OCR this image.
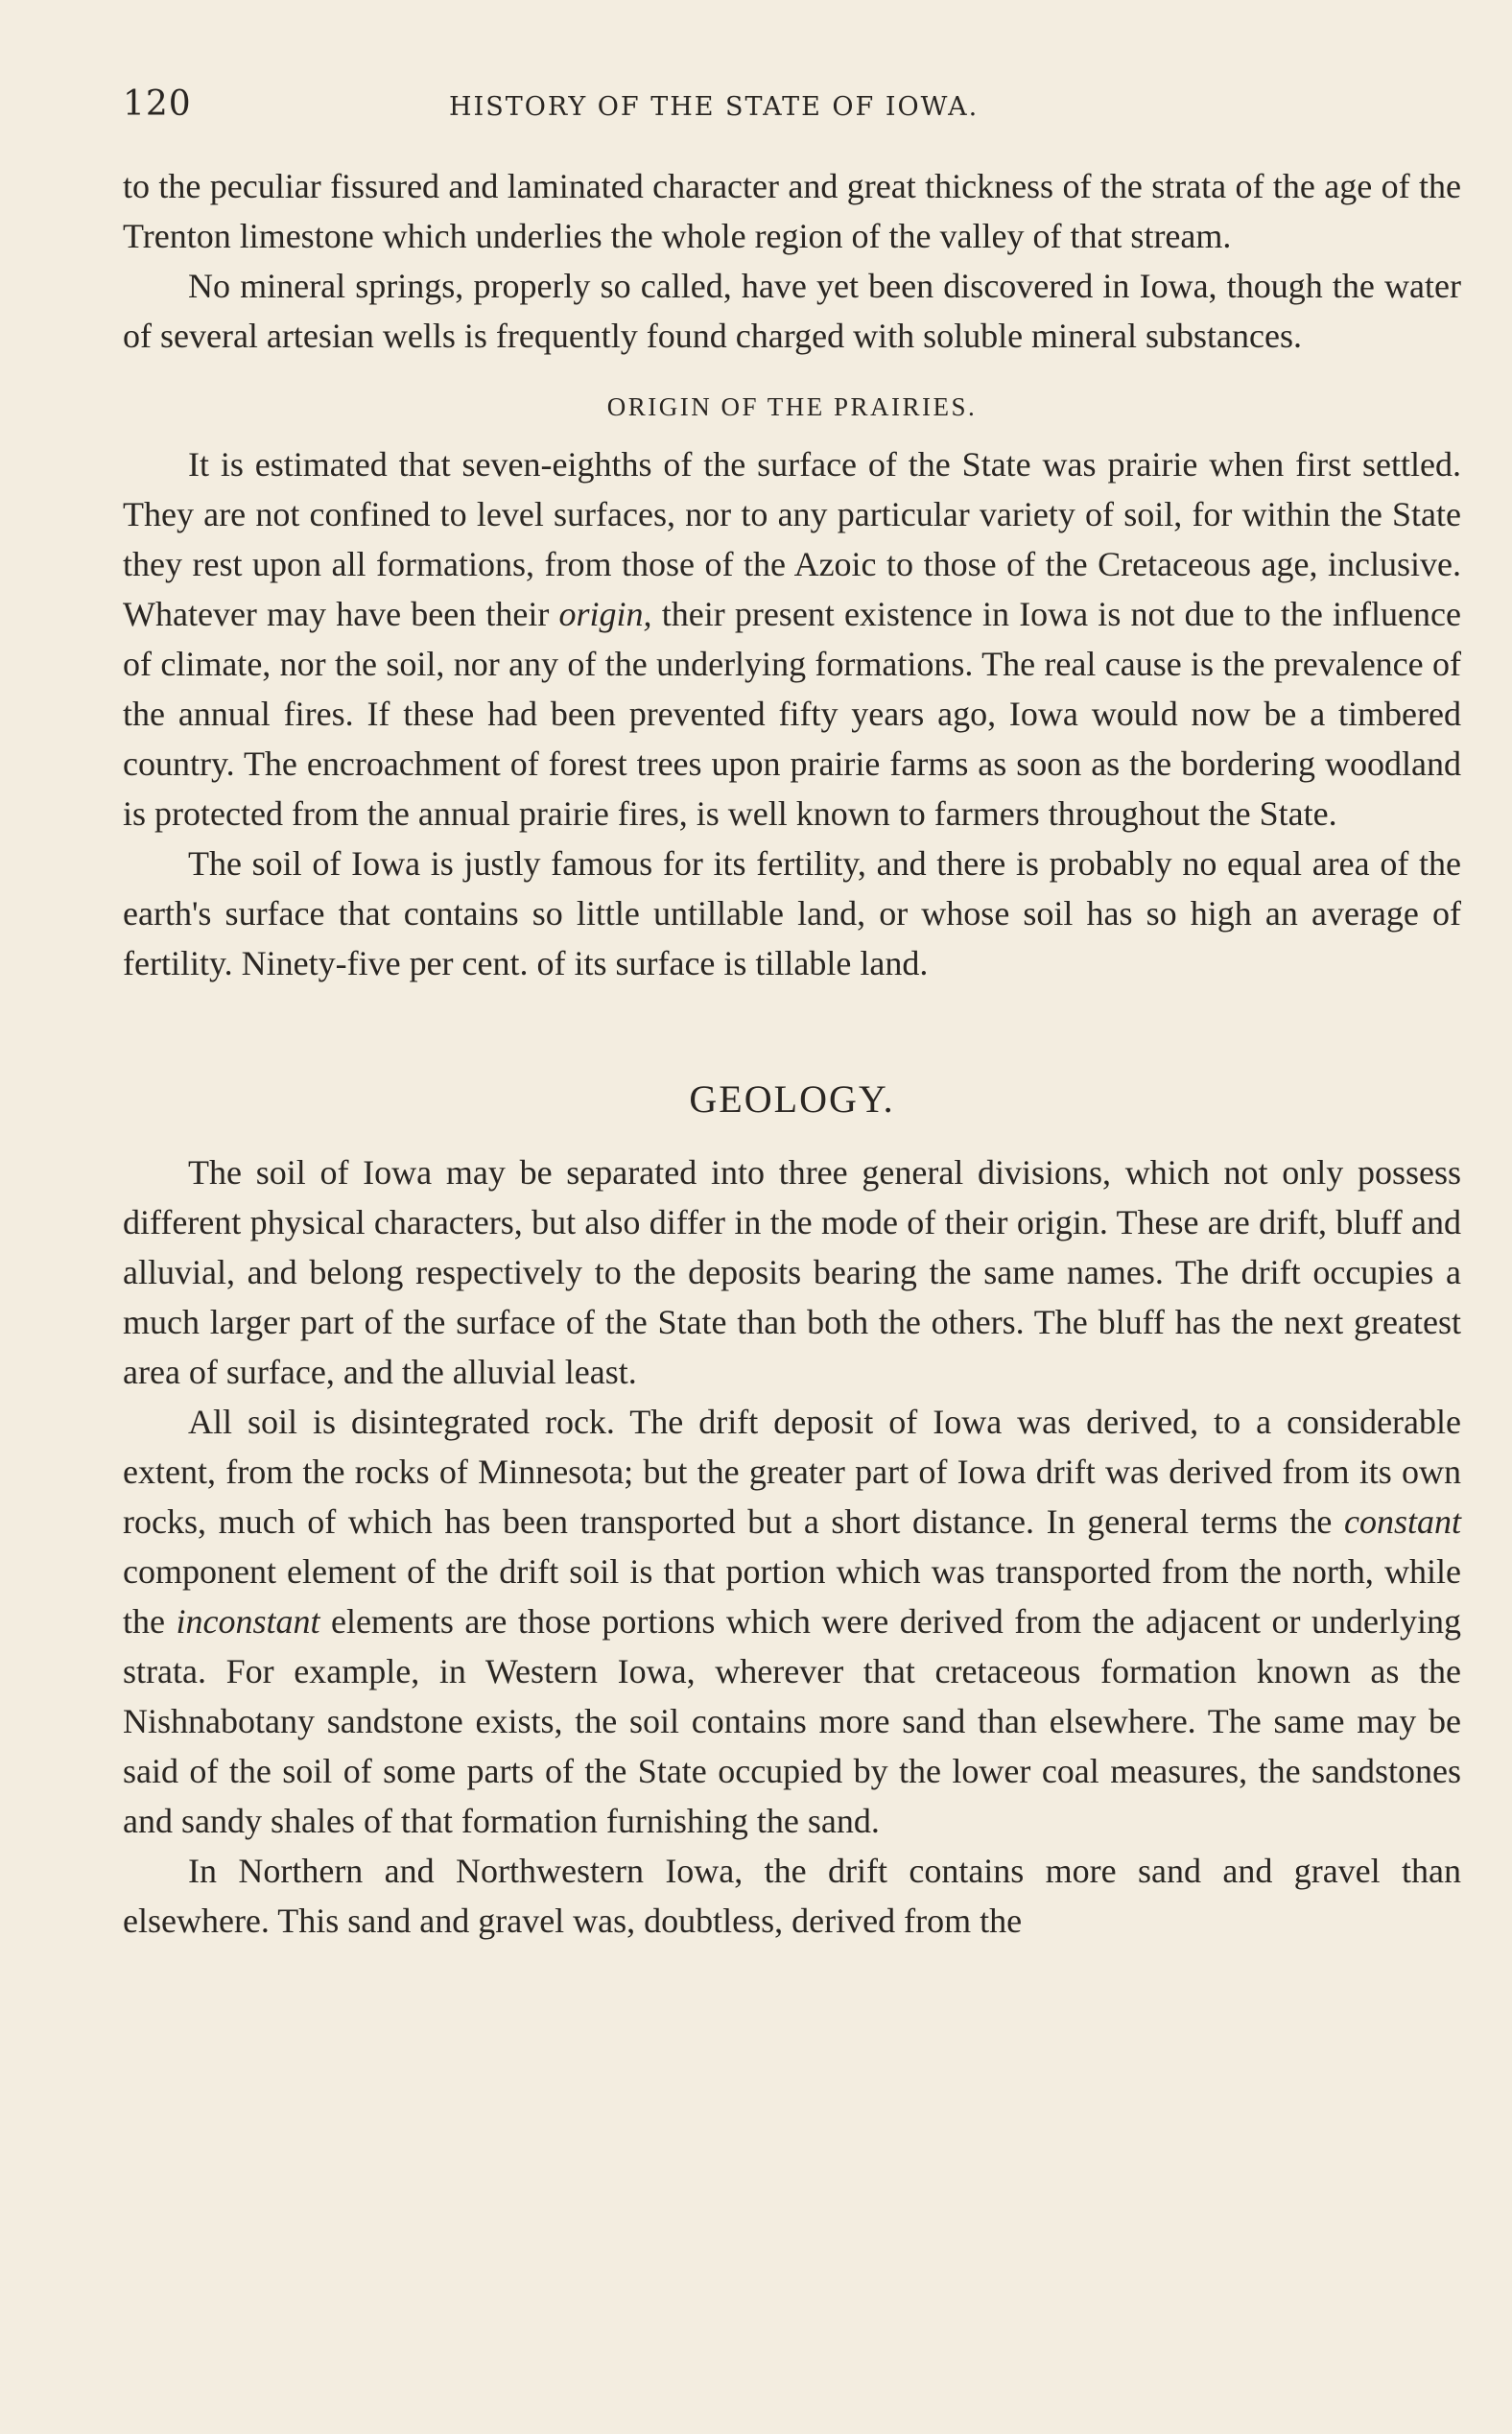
120	HISTORY OF THE STATE OF IOWA.

to the peculiar fissured and laminated character and great thickness of the strata of the age of the Trenton limestone which underlies the whole region of the valley of that stream.

No mineral springs, properly so called, have yet been discovered in Iowa, though the water of several artesian wells is frequently found charged with soluble mineral substances.

ORIGIN OF THE PRAIRIES.

It is estimated that seven-eighths of the surface of the State was prairie when first settled. They are not confined to level surfaces, nor to any particular variety of soil, for within the State they rest upon all formations, from those of the Azoic to those of the Cretaceous age, inclusive. Whatever may have been their origin, their present existence in Iowa is not due to the influence of climate, nor the soil, nor any of the underlying formations. The real cause is the prevalence of the annual fires. If these had been prevented fifty years ago, Iowa would now be a timbered country. The encroachment of forest trees upon prairie farms as soon as the bordering woodland is protected from the annual prairie fires, is well known to farmers throughout the State.

The soil of Iowa is justly famous for its fertility, and there is probably no equal area of the earth's surface that contains so little untillable land, or whose soil has so high an average of fertility. Ninety-five per cent. of its surface is tillable land.

GEOLOGY.

The soil of Iowa may be separated into three general divisions, which not only possess different physical characters, but also differ in the mode of their origin. These are drift, bluff and alluvial, and belong respectively to the deposits bearing the same names. The drift occupies a much larger part of the surface of the State than both the others. The bluff has the next greatest area of surface, and the alluvial least.

All soil is disintegrated rock. The drift deposit of Iowa was derived, to a considerable extent, from the rocks of Minnesota; but the greater part of Iowa drift was derived from its own rocks, much of which has been transported but a short distance. In general terms the constant component element of the drift soil is that portion which was transported from the north, while the inconstant elements are those portions which were derived from the adjacent or underlying strata. For example, in Western Iowa, wherever that cretaceous formation known as the Nishnabotany sandstone exists, the soil contains more sand than elsewhere. The same may be said of the soil of some parts of the State occupied by the lower coal measures, the sandstones and sandy shales of that formation furnishing the sand.

In Northern and Northwestern Iowa, the drift contains more sand and gravel than elsewhere. This sand and gravel was, doubtless, derived from the
